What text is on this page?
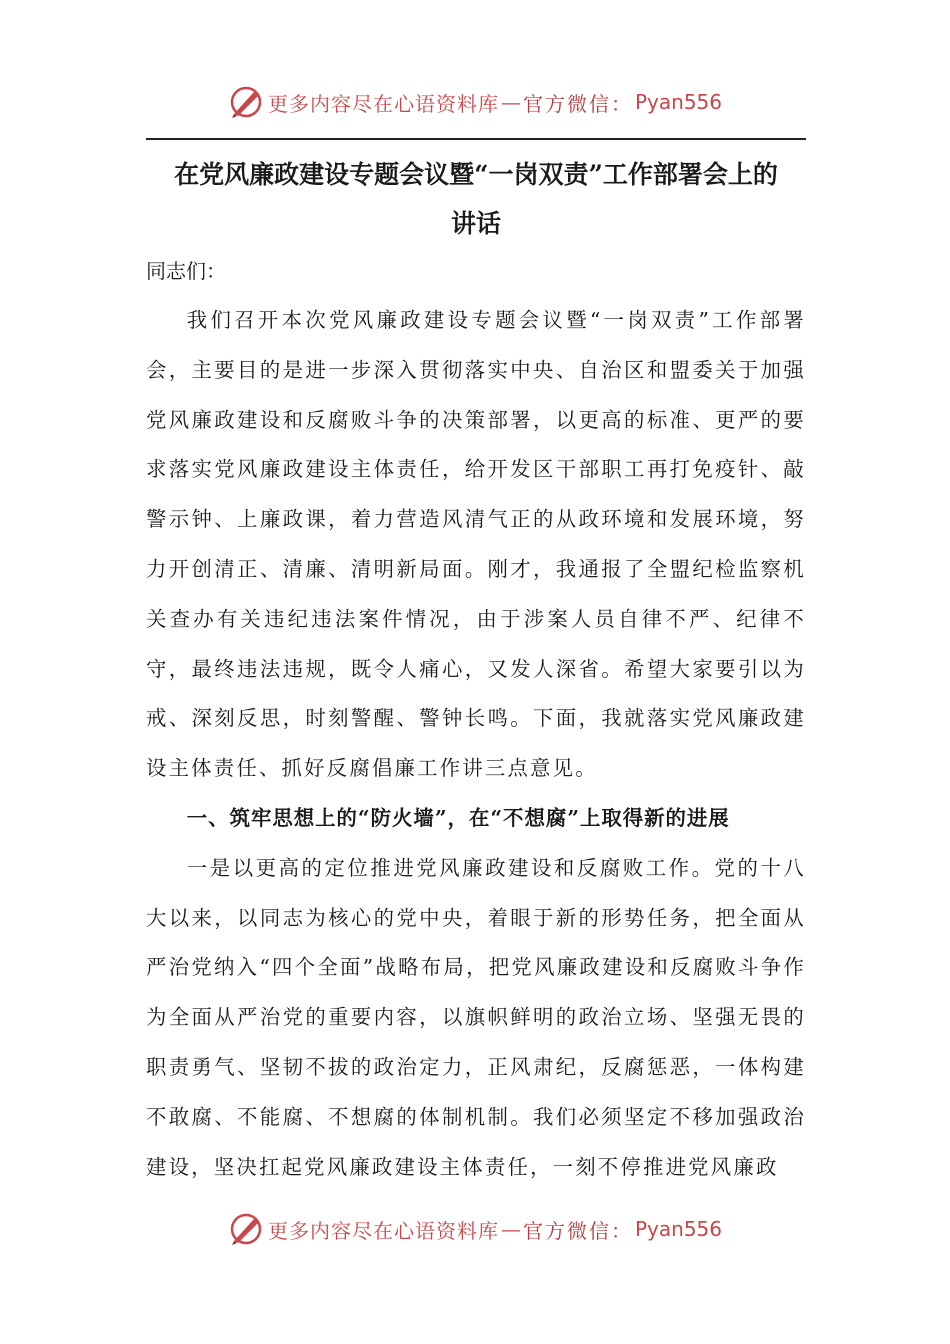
更多内容尽在心语资料库 — 官方微信： Pyan556
在党风廉政建设专题会议暨“一岗双责”工作部署会上的
讲话
同志们：

我们召开本次党风廉政建设专题会议暨“一岗双责”工作部署会，主要目的是进一步深入贯彻落实中央、自治区和盟委关于加强党风廉政建设和反腐败斗争的决策部署，以更高的标准、更严的要求落实党风廉政建设主体责任，给开发区干部职工再打免疫针、敲警示钟、上廉政课，着力营造风清气正的从政环境和发展环境，努力开创清正、清廉、清明新局面。刚才，我通报了全盟纪检监察机关查办有关违纪违法案件情况，由于涉案人员自律不严、纪律不守，最终违法违规，既令人痛心，又发人深省。希望大家要引以为戒、深刻反思，时刻警醒、警钟长鸣。下面，我就落实党风廉政建设主体责任、抓好反腐倡廉工作讲三点意见。

一、筑牢思想上的“防火墙”，在“不想腐”上取得新的进展

一是以更高的定位推进党风廉政建设和反腐败工作。党的十八大以来，以同志为核心的党中央，着眼于新的形势任务，把全面从严治党纳入“四个全面”战略布局，把党风廉政建设和反腐败斗争作为全面从严治党的重要内容，以旗帜鲜明的政治立场、坚强无畏的职责勇气、坚韧不拔的政治定力，正风肃纪，反腐惩恶，一体构建不敢腐、不能腐、不想腐的体制机制。我们必须坚定不移加强政治建设，坚决扛起党风廉政建设主体责任，一刻不停推进党风廉政

更多内容尽在心语资料库 — 官方微信： Pyan556
